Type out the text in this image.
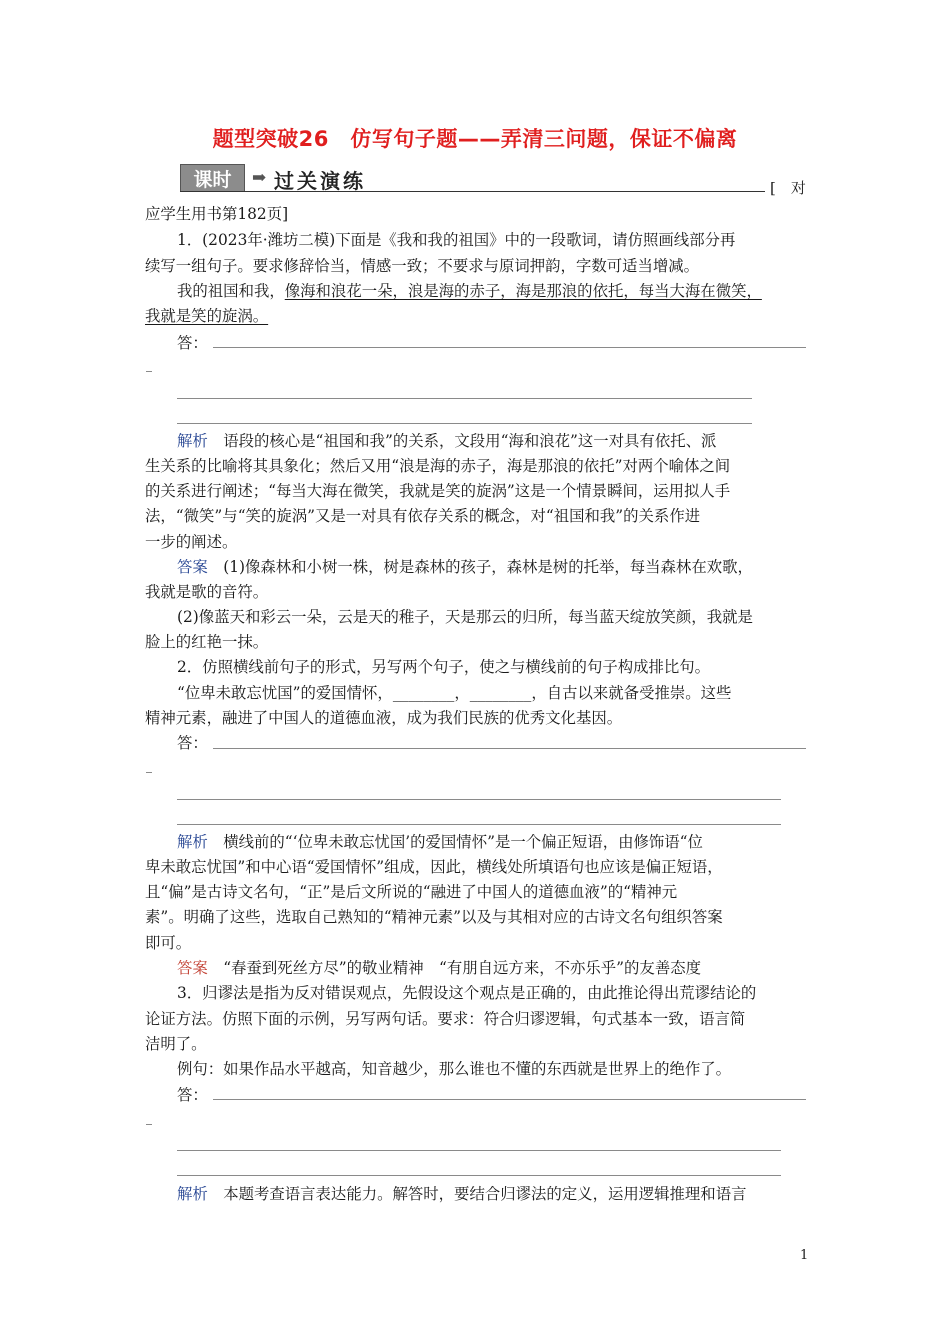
题型突破26　仿写句子题——弄清三问题，保证不偏离
课时	➡ 过关演练	[　对
应学生用书第182页]
1．(2023年·潍坊二模)下面是《我和我的祖国》中的一段歌词，请仿照画线部分再
续写一组句子。要求修辞恰当，情感一致；不要求与原词押韵，字数可适当增减。
我的祖国和我，像海和浪花一朵，浪是海的赤子，海是那浪的依托，每当大海在微笑，
我就是笑的旋涡。
答：
解析　语段的核心是“祖国和我”的关系，文段用“海和浪花”这一对具有依托、派
生关系的比喻将其具象化；然后又用“浪是海的赤子，海是那浪的依托”对两个喻体之间
的关系进行阐述；“每当大海在微笑，我就是笑的旋涡”这是一个情景瞬间，运用拟人手
法，“微笑”与“笑的旋涡”又是一对具有依存关系的概念，对“祖国和我”的关系作进
一步的阐述。
答案　(1)像森林和小树一株，树是森林的孩子，森林是树的托举，每当森林在欢歌，
我就是歌的音符。
(2)像蓝天和彩云一朵，云是天的稚子，天是那云的归所，每当蓝天绽放笑颜，我就是
脸上的红艳一抹。
2．仿照横线前句子的形式，另写两个句子，使之与横线前的句子构成排比句。
“位卑未敢忘忧国”的爱国情怀，________，________，自古以来就备受推崇。这些
精神元素，融进了中国人的道德血液，成为我们民族的优秀文化基因。
答：
解析　横线前的“‘位卑未敢忘忧国’的爱国情怀”是一个偏正短语，由修饰语“位
卑未敢忘忧国”和中心语“爱国情怀”组成，因此，横线处所填语句也应该是偏正短语，
且“偏”是古诗文名句，“正”是后文所说的“融进了中国人的道德血液”的“精神元
素”。明确了这些，选取自己熟知的“精神元素”以及与其相对应的古诗文名句组织答案
即可。
答案　“春蚕到死丝方尽”的敬业精神　“有朋自远方来，不亦乐乎”的友善态度
3．归谬法是指为反对错误观点，先假设这个观点是正确的，由此推论得出荒谬结论的
论证方法。仿照下面的示例，另写两句话。要求：符合归谬逻辑，句式基本一致，语言简
洁明了。
例句：如果作品水平越高，知音越少，那么谁也不懂的东西就是世界上的绝作了。
答：
解析　本题考查语言表达能力。解答时，要结合归谬法的定义，运用逻辑推理和语言
1
